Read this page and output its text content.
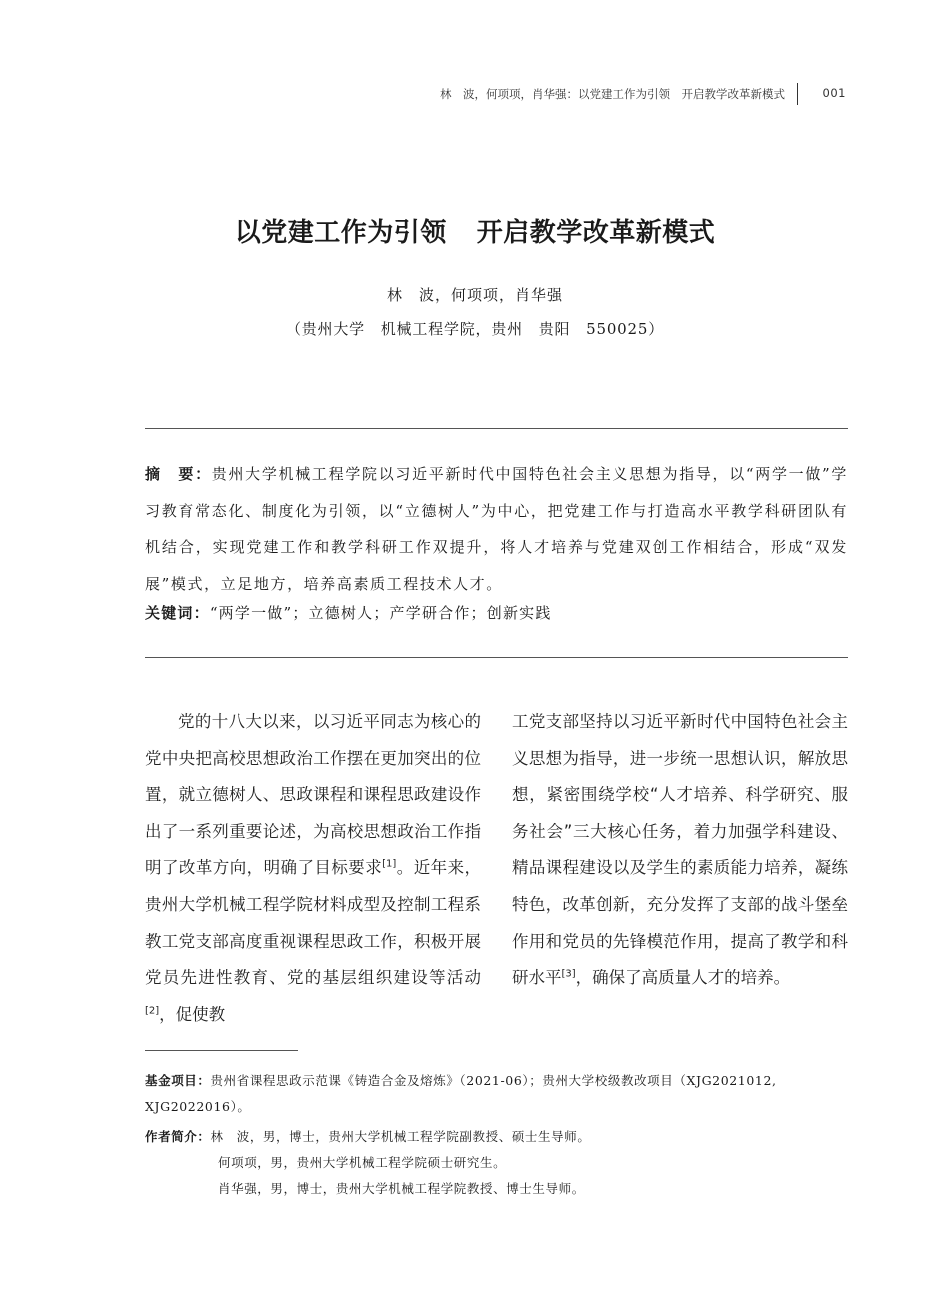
林　波，何项项，肖华强：以党建工作为引领　开启教学改革新模式	001
以党建工作为引领 开启教学改革新模式
林　波，何项项，肖华强
（贵州大学　机械工程学院，贵州　贵阳　550025）
摘　要：贵州大学机械工程学院以习近平新时代中国特色社会主义思想为指导，以“两学一做”学习教育常态化、制度化为引领，以“立德树人”为中心，把党建工作与打造高水平教学科研团队有机结合，实现党建工作和教学科研工作双提升，将人才培养与党建双创工作相结合，形成“双发展”模式，立足地方，培养高素质工程技术人才。
关键词：“两学一做”；立德树人；产学研合作；创新实践
党的十八大以来，以习近平同志为核心的党中央把高校思想政治工作摆在更加突出的位置，就立德树人、思政课程和课程思政建设作出了一系列重要论述，为高校思想政治工作指明了改革方向，明确了目标要求[1]。近年来，贵州大学机械工程学院材料成型及控制工程系教工党支部高度重视课程思政工作，积极开展党员先进性教育、党的基层组织建设等活动[2]，促使教
工党支部坚持以习近平新时代中国特色社会主义思想为指导，进一步统一思想认识，解放思想，紧密围绕学校“人才培养、科学研究、服务社会”三大核心任务，着力加强学科建设、精品课程建设以及学生的素质能力培养，凝练特色，改革创新，充分发挥了支部的战斗堡垒作用和党员的先锋模范作用，提高了教学和科研水平[3]，确保了高质量人才的培养。
基金项目：贵州省课程思政示范课《铸造合金及熔炼》（2021-06）；贵州大学校级教改项目（XJG2021012, XJG2022016）。
作者简介：林　波，男，博士，贵州大学机械工程学院副教授、硕士生导师。
何项项，男，贵州大学机械工程学院硕士研究生。
肖华强，男，博士，贵州大学机械工程学院教授、博士生导师。
